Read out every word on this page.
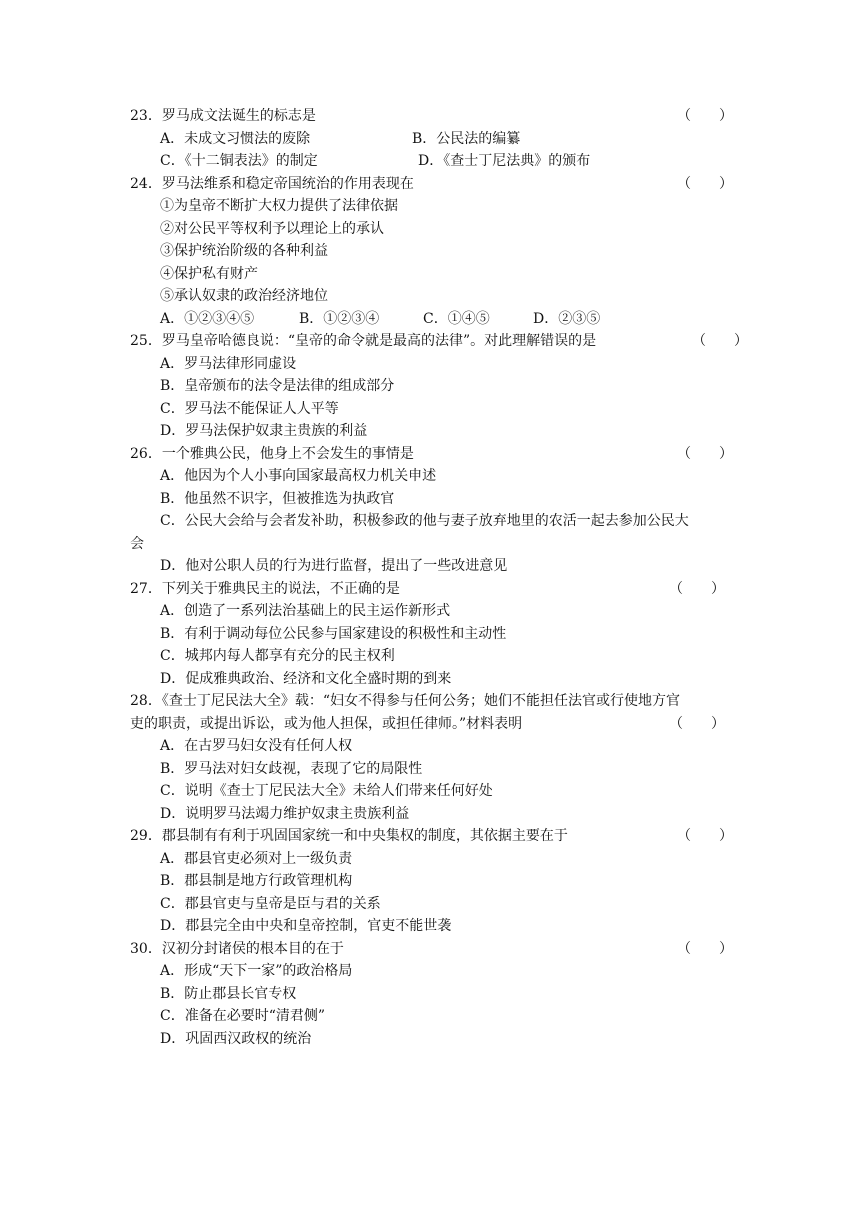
23．罗马成文法诞生的标志是	（　　）
A．未成文习惯法的废除	B．公民法的编纂
C．《十二铜表法》的制定	D．《查士丁尼法典》的颁布
24．罗马法维系和稳定帝国统治的作用表现在	（　　）
①为皇帝不断扩大权力提供了法律依据
②对公民平等权利予以理论上的承认
③保护统治阶级的各种利益
④保护私有财产
⑤承认奴隶的政治经济地位
A．①②③④⑤	B．①②③④	C．①④⑤	D．②③⑤
25．罗马皇帝哈德良说：“皇帝的命令就是最高的法律”。对此理解错误的是	（　　）
A．罗马法律形同虚设
B．皇帝颁布的法令是法律的组成部分
C．罗马法不能保证人人平等
D．罗马法保护奴隶主贵族的利益
26．一个雅典公民，他身上不会发生的事情是	（　　）
A．他因为个人小事向国家最高权力机关申述
B．他虽然不识字，但被推选为执政官
C．公民大会给与会者发补助，积极参政的他与妻子放弃地里的农活一起去参加公民大
会
D．他对公职人员的行为进行监督，提出了一些改进意见
27．下列关于雅典民主的说法，不正确的是	（　　）
A．创造了一系列法治基础上的民主运作新形式
B．有利于调动每位公民参与国家建设的积极性和主动性
C．城邦内每人都享有充分的民主权利
D．促成雅典政治、经济和文化全盛时期的到来
28．《查士丁尼民法大全》载：“妇女不得参与任何公务；她们不能担任法官或行使地方官
吏的职责，或提出诉讼，或为他人担保，或担任律师。”材料表明	（　　）
A．在古罗马妇女没有任何人权
B．罗马法对妇女歧视，表现了它的局限性
C．说明《查士丁尼民法大全》未给人们带来任何好处
D．说明罗马法竭力维护奴隶主贵族利益
29．郡县制有有利于巩固国家统一和中央集权的制度，其依据主要在于	（　　）
A．郡县官吏必须对上一级负责
B．郡县制是地方行政管理机构
C．郡县官吏与皇帝是臣与君的关系
D．郡县完全由中央和皇帝控制，官吏不能世袭
30．汉初分封诸侯的根本目的在于	（　　）
A．形成“天下一家”的政治格局
B．防止郡县长官专权
C．准备在必要时“清君侧”
D．巩固西汉政权的统治
